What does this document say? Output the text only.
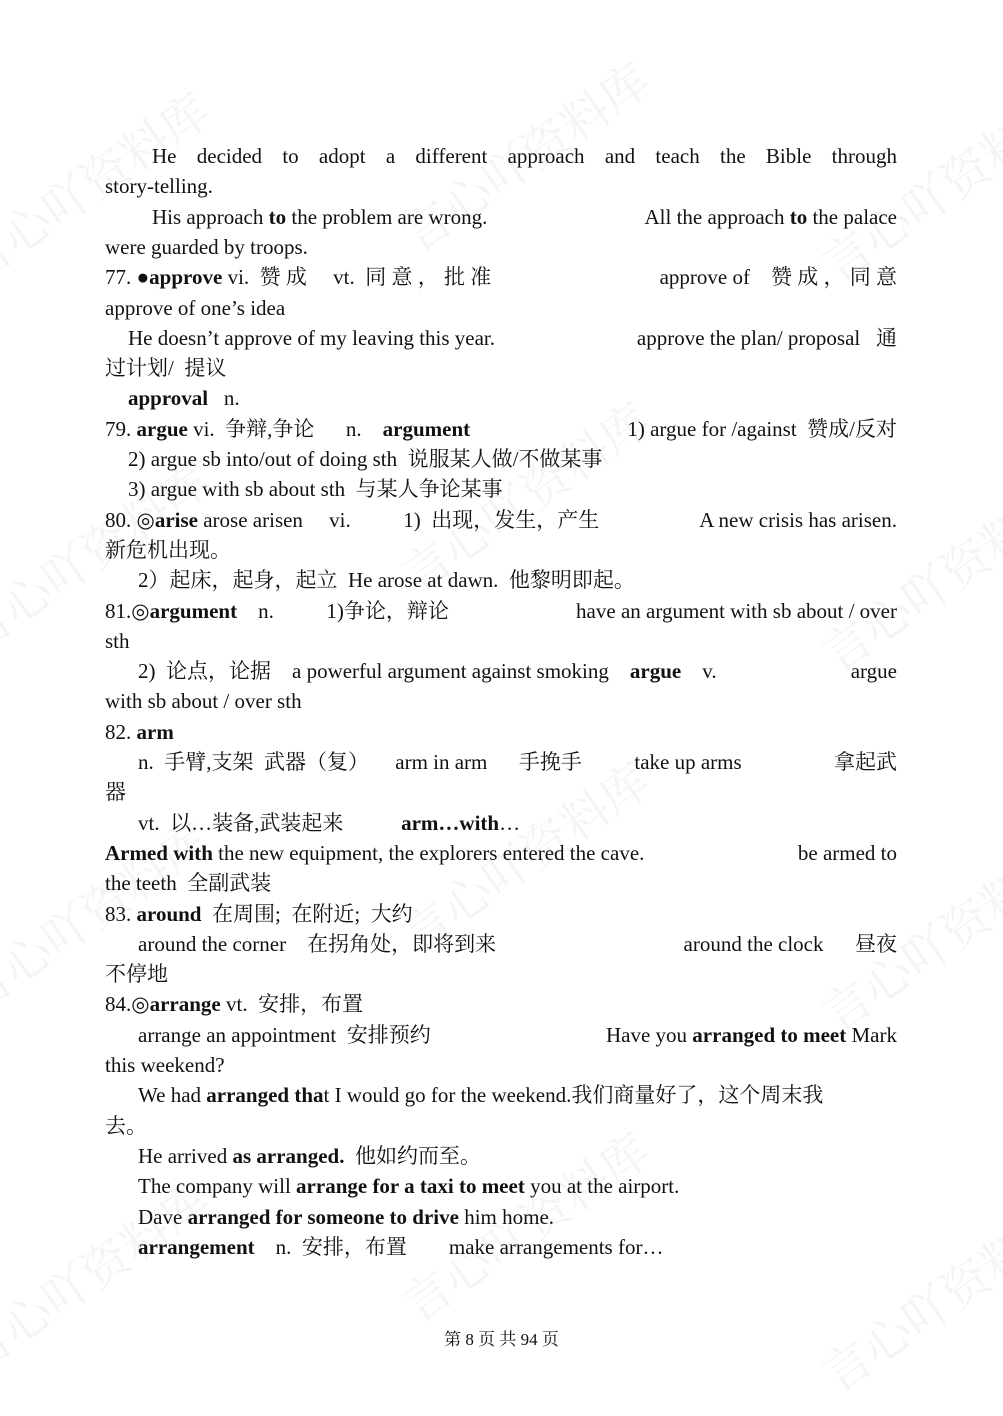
He decided to adopt a different approach and teach the Bible through
story-telling.
His approach to the problem are wrong.	All the approach to the palace
were guarded by troops.
77. ●approve vi.  赞 成     vt.  同 意 ， 批 准	approve of    赞 成 ， 同 意
approve of one’s idea
He doesn’t approve of my leaving this year.	approve the plan/ proposal   通
过计划/  提议
approval   n.
79. argue vi.  争辩,争论      n.    argument	1) argue for /against  赞成/反对
2) argue sb into/out of doing sth  说服某人做/不做某事
3) argue with sb about sth  与某人争论某事
80. ◎arise arose arisen     vi.          1)  出现，发生，产生	A new crisis has arisen.
新危机出现。
2）起床，起身，起立  He arose at dawn.  他黎明即起。
81.◎argument    n.          1)争论，辩论	have an argument with sb about / over
sth
2)  论点，论据    a powerful argument against smoking    argue    v.	argue
with sb about / over sth
82. arm
n.  手臂,支架  武器（复）     arm in arm      手挽手          take up arms	拿起武
器
vt.  以…装备,武装起来           arm…with…
Armed with the new equipment, the explorers entered the cave.	be armed to
the teeth  全副武装
83. around  在周围;  在附近;  大约
around the corner    在拐角处，即将到来	around the clock      昼夜
不停地
84.◎arrange vt.  安排，布置
arrange an appointment  安排预约	Have you arranged to meet Mark
this weekend?
We had arranged that I would go for the weekend.我们商量好了，这个周末我
去。
He arrived as arranged.  他如约而至。
The company will arrange for a taxi to meet you at the airport.
Dave arranged for someone to drive him home.
arrangement    n.  安排，布置        make arrangements for…
第 8 页 共 94 页
